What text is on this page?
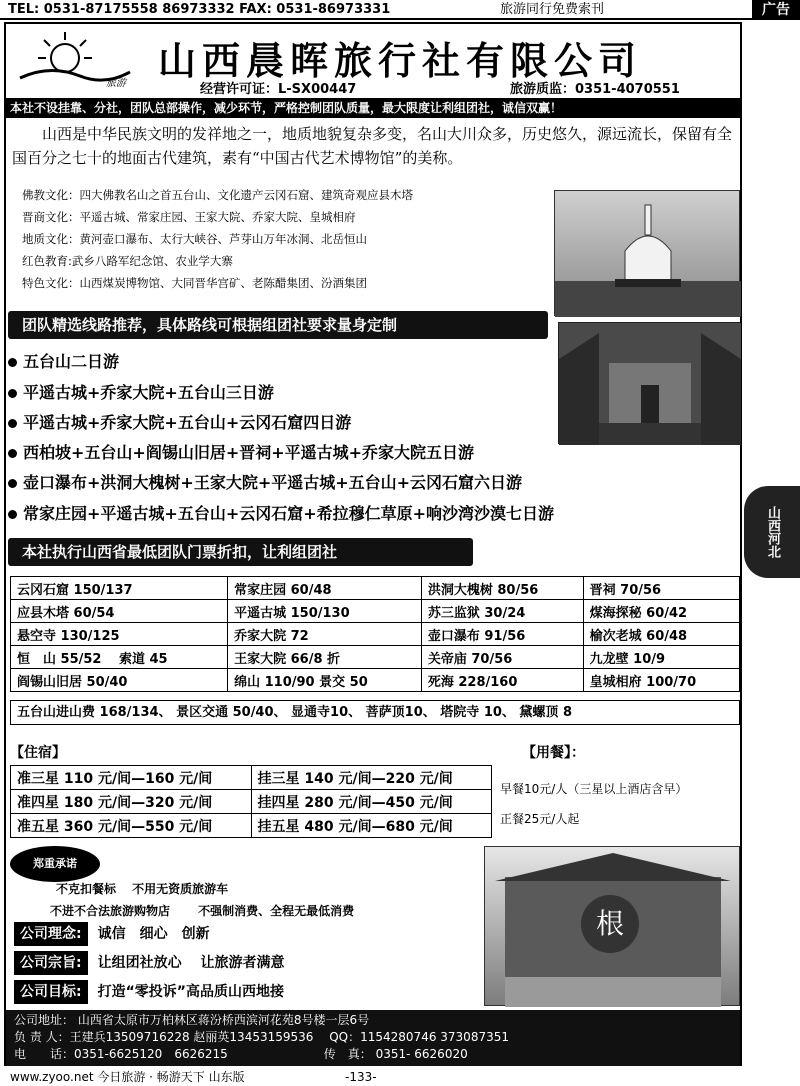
TEL: 0531-87175558 86973332 FAX: 0531-86973331	旅游同行免费索刊	广告
旅游
山西晨晖旅行社有限公司
经营许可证：L-SX00447	旅游质监：0351-4070551
本社不设挂靠、分社，团队总部操作，减少环节，严格控制团队质量，最大限度让利组团社，诚信双赢！
山西是中华民族文明的发祥地之一，地质地貌复杂多变，名山大川众多，历史悠久，源远流长，保留有全国百分之七十的地面古代建筑，素有“中国古代艺术博物馆”的美称。
佛教文化：四大佛教名山之首五台山、文化遗产云冈石窟、建筑奇观应县木塔
晋商文化：平遥古城、常家庄园、王家大院、乔家大院、皇城相府
地质文化：黄河壶口瀑布、太行大峡谷、芦芽山万年冰洞、北岳恒山
红色教育:武乡八路军纪念馆、农业学大寨
特色文化：山西煤炭博物馆、大同晋华宫矿、老陈醋集团、汾酒集团
团队精选线路推荐，具体路线可根据组团社要求量身定制
五台山二日游
平遥古城+乔家大院+五台山三日游
平遥古城+乔家大院+五台山+云冈石窟四日游
西柏坡+五台山+阎锡山旧居+晋祠+平遥古城+乔家大院五日游
壶口瀑布+洪洞大槐树+王家大院+平遥古城+五台山+云冈石窟六日游
常家庄园+平遥古城+五台山+云冈石窟+希拉穆仁草原+响沙湾沙漠七日游
本社执行山西省最低团队门票折扣，让利组团社
云冈石窟 150/137	常家庄园 60/48	洪洞大槐树 80/56	晋祠 70/56
应县木塔 60/54	平遥古城 150/130	苏三监狱 30/24	煤海探秘 60/42
悬空寺 130/125	乔家大院 72	壶口瀑布 91/56	榆次老城 60/48
恒　山 55/52　 索道 45	王家大院 66/8 折	关帝庙 70/56	九龙壁 10/9
阎锡山旧居 50/40	绵山 110/90 景交 50	死海 228/160	皇城相府 100/70
五台山进山费 168/134、 景区交通 50/40、 显通寺10、 菩萨顶10、 塔院寺 10、 黛螺顶 8
【住宿】
准三星 110 元/间—160 元/间	挂三星 140 元/间—220 元/间
准四星 180 元/间—320 元/间	挂四星 280 元/间—450 元/间
准五星 360 元/间—550 元/间	挂五星 480 元/间—680 元/间
【用餐】：
早餐10元/人（三星以上酒店含早）
正餐25元/人起
郑重承诺
不克扣餐标　 不用无资质旅游车
不进不合法旅游购物店　　 不强制消费、全程无最低消费
公司理念: 诚信　细心　创新
公司宗旨: 让组团社放心　 让旅游者满意
公司目标: 打造“零投诉”高品质山西地接
根
公司地址： 山西省太原市万柏林区蒋汾桥西滨河花苑8号楼一层6号
负 责 人：王建兵13509716228 赵丽英13453159536　 QQ：1154280746 373087351
电　　话：0351-6625120　6626215　　　　　　　　	传　真： 0351- 6626020
www.zyoo.net 今日旅游 · 畅游天下 山东版	-133-
山西河北
